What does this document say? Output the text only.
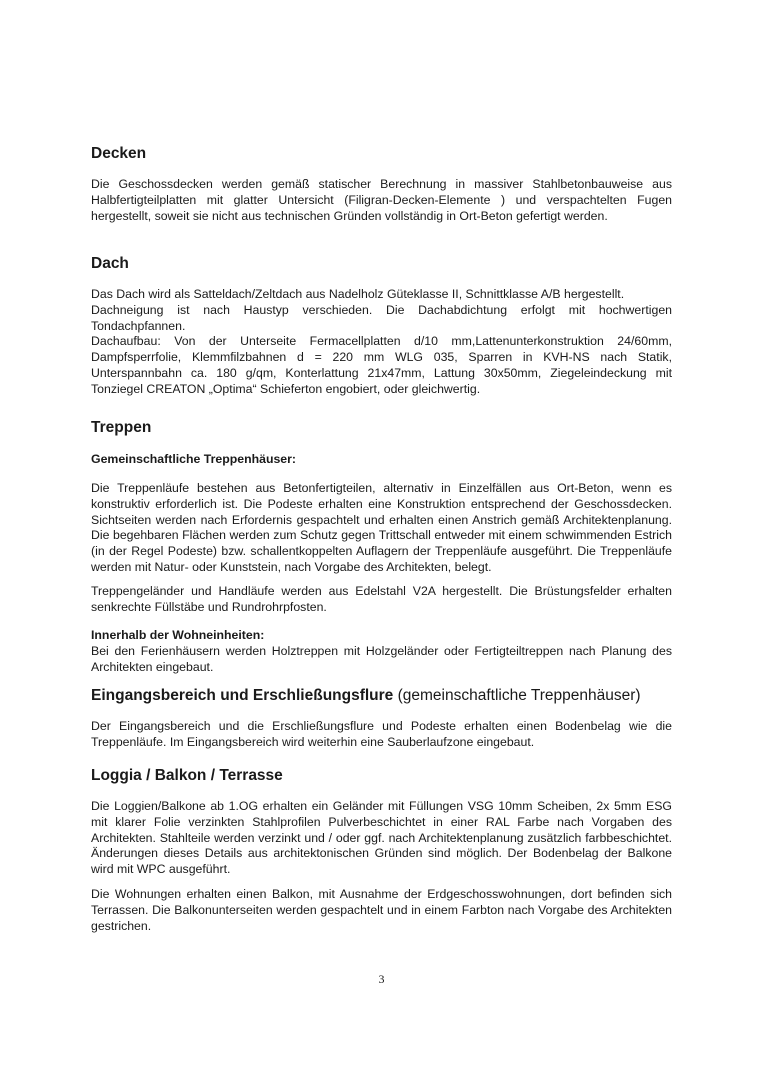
Decken

Die Geschossdecken werden gemäß statischer Berechnung in massiver Stahlbetonbauweise aus Halbfertigteilplatten mit glatter Untersicht (Filigran-Decken-Elemente ) und verspachtelten Fugen hergestellt, soweit sie nicht aus technischen Gründen vollständig in Ort-Beton gefertigt werden.

Dach

Das Dach wird als Satteldach/Zeltdach aus Nadelholz Güteklasse II, Schnittklasse A/B hergestellt.

Dachneigung ist nach Haustyp verschieden. Die Dachabdichtung erfolgt mit hochwertigen Tondachpfannen.

Dachaufbau: Von der Unterseite Fermacellplatten d/10 mm,Lattenunterkonstruktion 24/60mm, Dampfsperrfolie, Klemmfilzbahnen d = 220 mm WLG 035, Sparren in KVH-NS nach Statik, Unterspannbahn ca. 180 g/qm, Konterlattung 21x47mm, Lattung 30x50mm, Ziegeleindeckung mit Tonziegel CREATON „Optima“ Schieferton engobiert, oder gleichwertig.

Treppen

Gemeinschaftliche Treppenhäuser:

Die Treppenläufe bestehen aus Betonfertigteilen, alternativ in Einzelfällen aus Ort-Beton, wenn es konstruktiv erforderlich ist. Die Podeste erhalten eine Konstruktion entsprechend der Geschossdecken. Sichtseiten werden nach Erfordernis gespachtelt und erhalten einen Anstrich gemäß Architektenplanung. Die begehbaren Flächen werden zum Schutz gegen Trittschall entweder mit einem schwimmenden Estrich (in der Regel Podeste) bzw. schallentkoppelten Auflagern der Treppenläufe ausgeführt. Die Treppenläufe werden mit Natur- oder Kunststein, nach Vorgabe des Architekten, belegt.

Treppengeländer und Handläufe werden aus Edelstahl V2A hergestellt. Die Brüstungsfelder erhalten senkrechte Füllstäbe und Rundrohrpfosten.

Innerhalb der Wohneinheiten:

Bei den Ferienhäusern werden Holztreppen mit Holzgeländer oder Fertigteiltreppen nach Planung des Architekten eingebaut.

Eingangsbereich und Erschließungsflure (gemeinschaftliche Treppenhäuser)

Der Eingangsbereich und die Erschließungsflure und Podeste erhalten einen Bodenbelag wie die Treppenläufe. Im Eingangsbereich wird weiterhin eine Sauberlaufzone eingebaut.

Loggia / Balkon / Terrasse

Die Loggien/Balkone ab 1.OG erhalten ein Geländer mit Füllungen VSG 10mm Scheiben, 2x 5mm ESG mit klarer Folie verzinkten Stahlprofilen Pulverbeschichtet in einer RAL Farbe nach Vorgaben des Architekten. Stahlteile werden verzinkt und / oder ggf. nach Architektenplanung zusätzlich farbbeschichtet. Änderungen dieses Details aus architektonischen Gründen sind möglich. Der Bodenbelag der Balkone wird mit WPC ausgeführt.

Die Wohnungen erhalten einen Balkon, mit Ausnahme der Erdgeschosswohnungen, dort befinden sich Terrassen. Die Balkonunterseiten werden gespachtelt und in einem Farbton nach Vorgabe des Architekten gestrichen.

3
